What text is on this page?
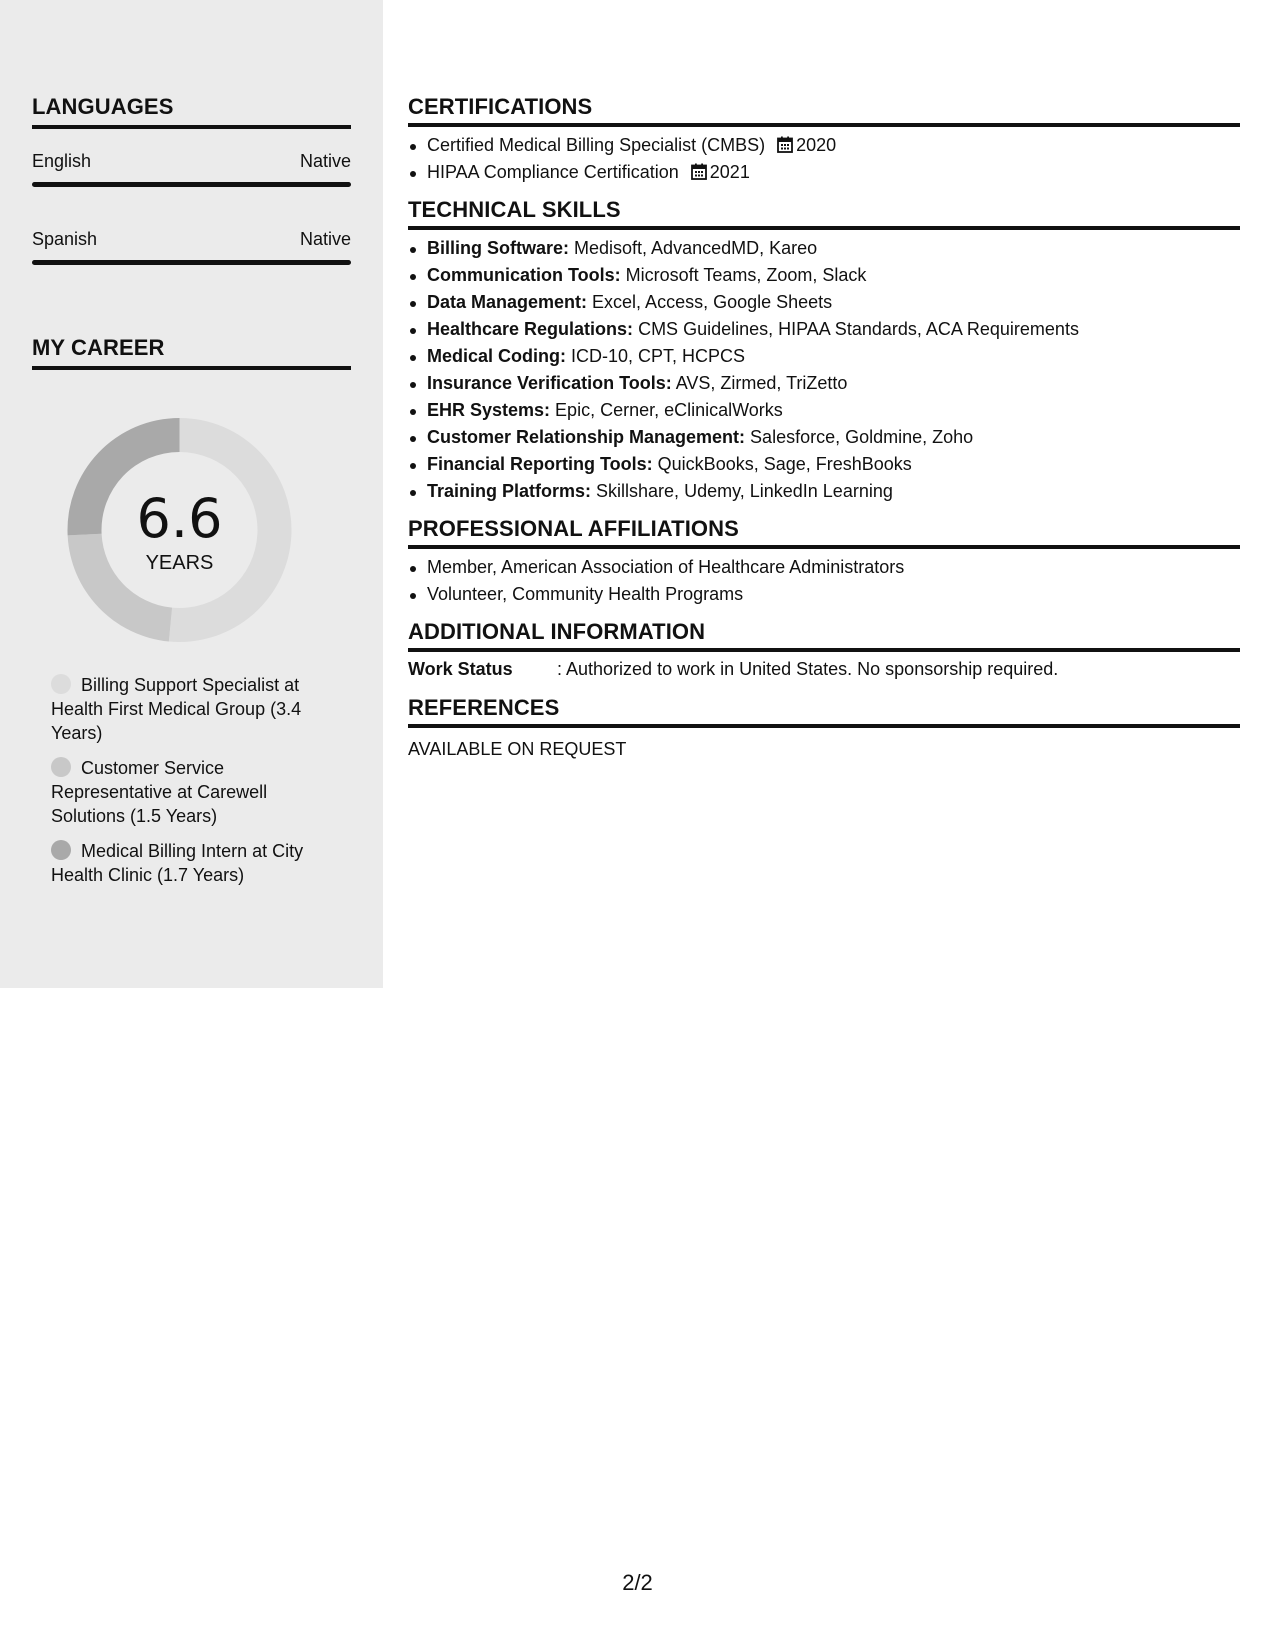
LANGUAGES
English	Native
Spanish	Native
MY CAREER
6.6
YEARS
Billing Support Specialist at Health First Medical Group (3.4 Years)
Customer Service Representative at Carewell Solutions (1.5 Years)
Medical Billing Intern at City Health Clinic (1.7 Years)
CERTIFICATIONS
Certified Medical Billing Specialist (CMBS) 2020
HIPAA Compliance Certification 2021
TECHNICAL SKILLS
Billing Software: Medisoft, AdvancedMD, Kareo
Communication Tools: Microsoft Teams, Zoom, Slack
Data Management: Excel, Access, Google Sheets
Healthcare Regulations: CMS Guidelines, HIPAA Standards, ACA Requirements
Medical Coding: ICD-10, CPT, HCPCS
Insurance Verification Tools: AVS, Zirmed, TriZetto
EHR Systems: Epic, Cerner, eClinicalWorks
Customer Relationship Management: Salesforce, Goldmine, Zoho
Financial Reporting Tools: QuickBooks, Sage, FreshBooks
Training Platforms: Skillshare, Udemy, LinkedIn Learning
PROFESSIONAL AFFILIATIONS
Member, American Association of Healthcare Administrators
Volunteer, Community Health Programs
ADDITIONAL INFORMATION
Work Status	: Authorized to work in United States. No sponsorship required.
REFERENCES
AVAILABLE ON REQUEST
2/2
